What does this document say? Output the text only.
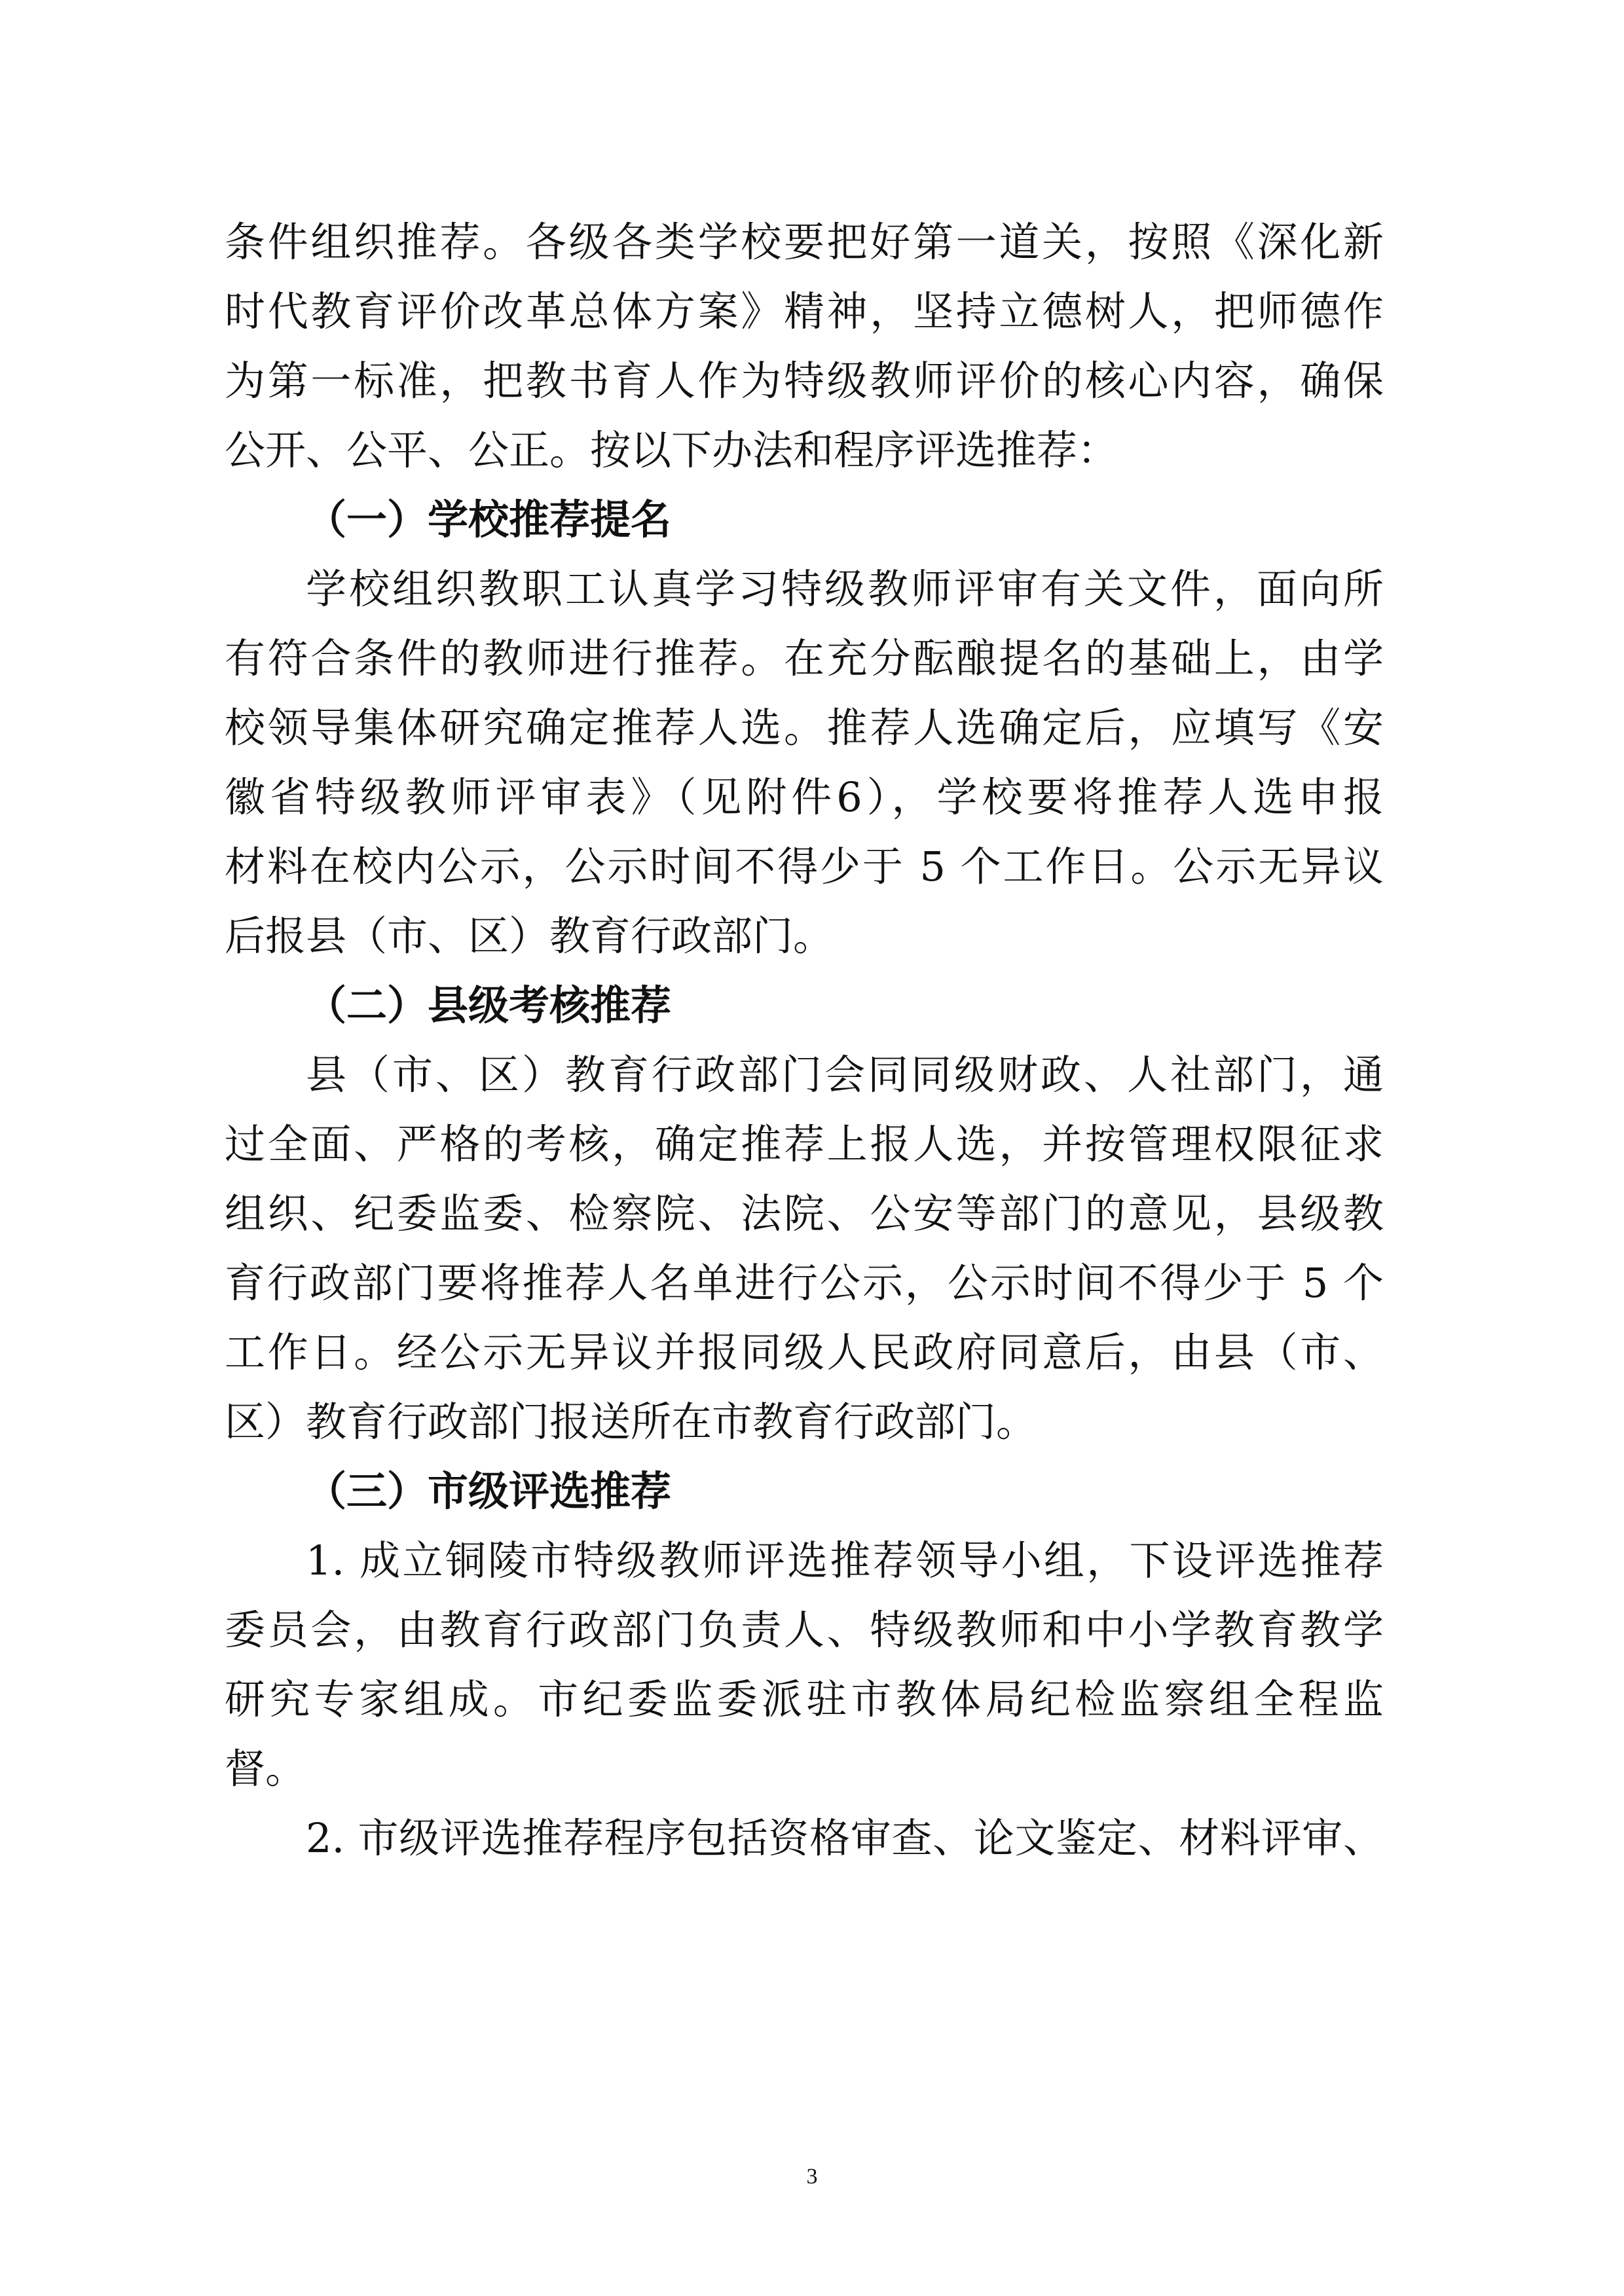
条件组织推荐。各级各类学校要把好第一道关，按照《深化新
时代教育评价改革总体方案》精神，坚持立德树人，把师德作
为第一标准，把教书育人作为特级教师评价的核心内容，确保
公开、公平、公正。按以下办法和程序评选推荐：
（一）学校推荐提名
学校组织教职工认真学习特级教师评审有关文件，面向所
有符合条件的教师进行推荐。在充分酝酿提名的基础上，由学
校领导集体研究确定推荐人选。推荐人选确定后，应填写《安
徽省特级教师评审表》（见附件6），学校要将推荐人选申报
材料在校内公示，公示时间不得少于 5 个工作日。公示无异议
后报县（市、区）教育行政部门。
（二）县级考核推荐
县（市、区）教育行政部门会同同级财政、人社部门，通
过全面、严格的考核，确定推荐上报人选，并按管理权限征求
组织、纪委监委、检察院、法院、公安等部门的意见，县级教
育行政部门要将推荐人名单进行公示，公示时间不得少于 5 个
工作日。经公示无异议并报同级人民政府同意后，由县（市、
区）教育行政部门报送所在市教育行政部门。
（三）市级评选推荐
1. 成立铜陵市特级教师评选推荐领导小组，下设评选推荐
委员会，由教育行政部门负责人、特级教师和中小学教育教学
研究专家组成。市纪委监委派驻市教体局纪检监察组全程监
督。
2. 市级评选推荐程序包括资格审查、论文鉴定、材料评审、
3
